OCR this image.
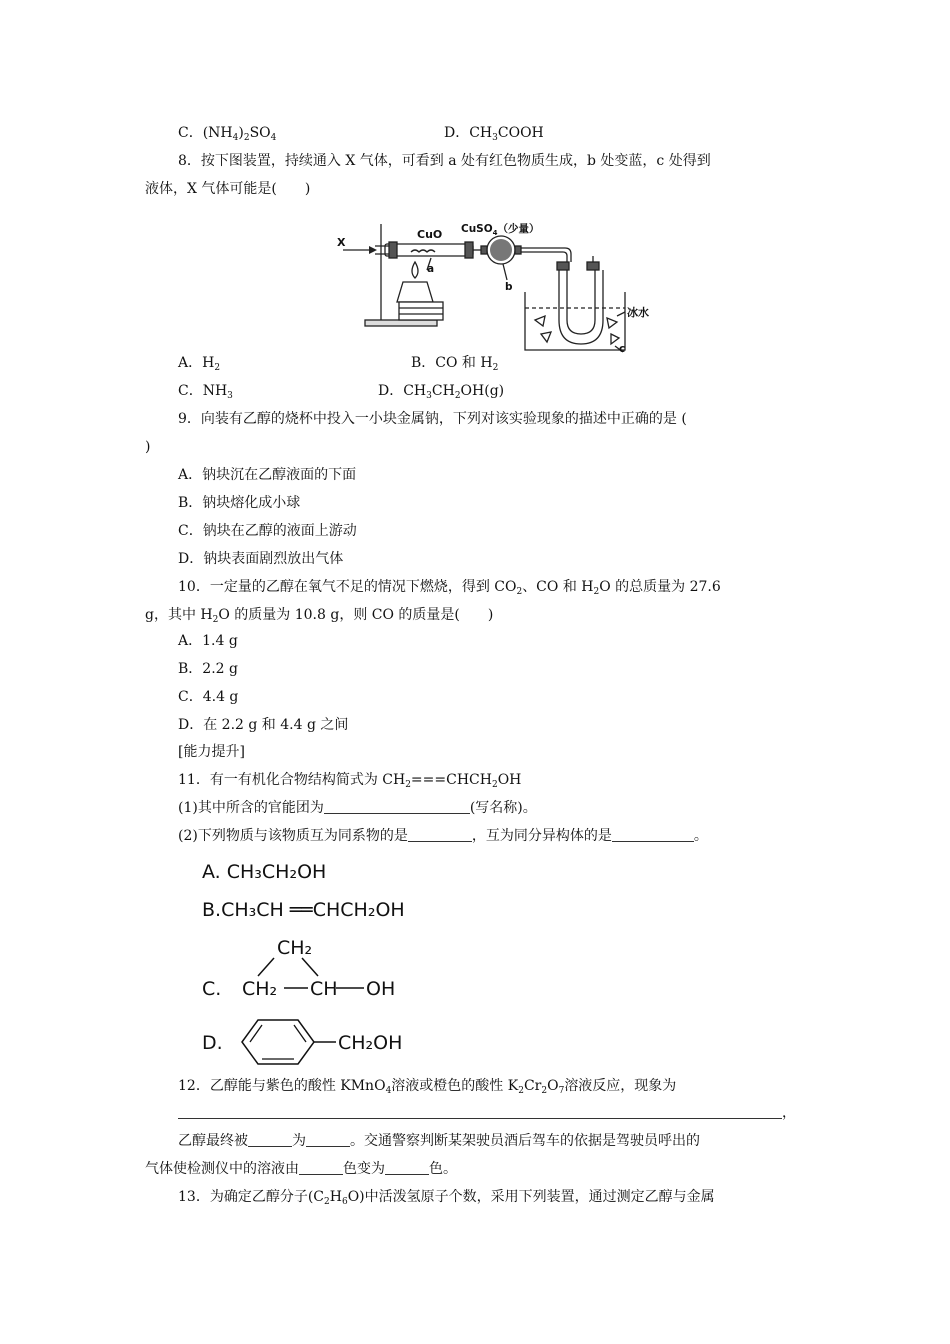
C．$(NH_4)_2SO_4$	D．$CH_3COOH$
8．按下图装置，持续通入 X 气体，可看到 a 处有红色物质生成，b 处变蓝，c 处得到
液体，X 气体可能是(　　)
X
CuO CuSO$_4$（少量）
a
b
冰水
c
A．$H_2$	B．CO 和 $H_2$
C．$NH_3$	D．$CH_3CH_2OH(g)$
9．向装有乙醇的烧杯中投入一小块金属钠，下列对该实验现象的描述中正确的是 (
)
A．钠块沉在乙醇液面的下面
B．钠块熔化成小球
C．钠块在乙醇的液面上游动
D．钠块表面剧烈放出气体
10．一定量的乙醇在氧气不足的情况下燃烧，得到 $CO_2$、CO 和 $H_2O$ 的总质量为 27.6
g，其中 $H_2O$ 的质量为 10.8 g，则 CO 的质量是(　　)
A．1.4 g
B．2.2 g
C．4.4 g
D．在 2.2 g 和 4.4 g 之间
[能力提升]
11．有一有机化合物结构简式为 $CH_2===CHCH_2OH$
(1)其中所含的官能团为	(写名称)。
(2)下列物质与该物质互为同系物的是	，互为同分异构体的是	。
A. CH₃CH₂OH
B.CH₃CH ══CHCH₂OH
C.
CH₂
CH₂ CH OH
D.	CH₂OH
12．乙醇能与紫色的酸性 KMnO$_4$溶液或橙色的酸性 $K_2Cr_2O_7$溶液反应，现象为
，
乙醇最终被	为	。交通警察判断某架驶员酒后驾车的依据是驾驶员呼出的
气体使检测仪中的溶液由	色变为	色。
13．为确定乙醇分子$(C_2H_6O)$中活泼氢原子个数，采用下列装置，通过测定乙醇与金属
